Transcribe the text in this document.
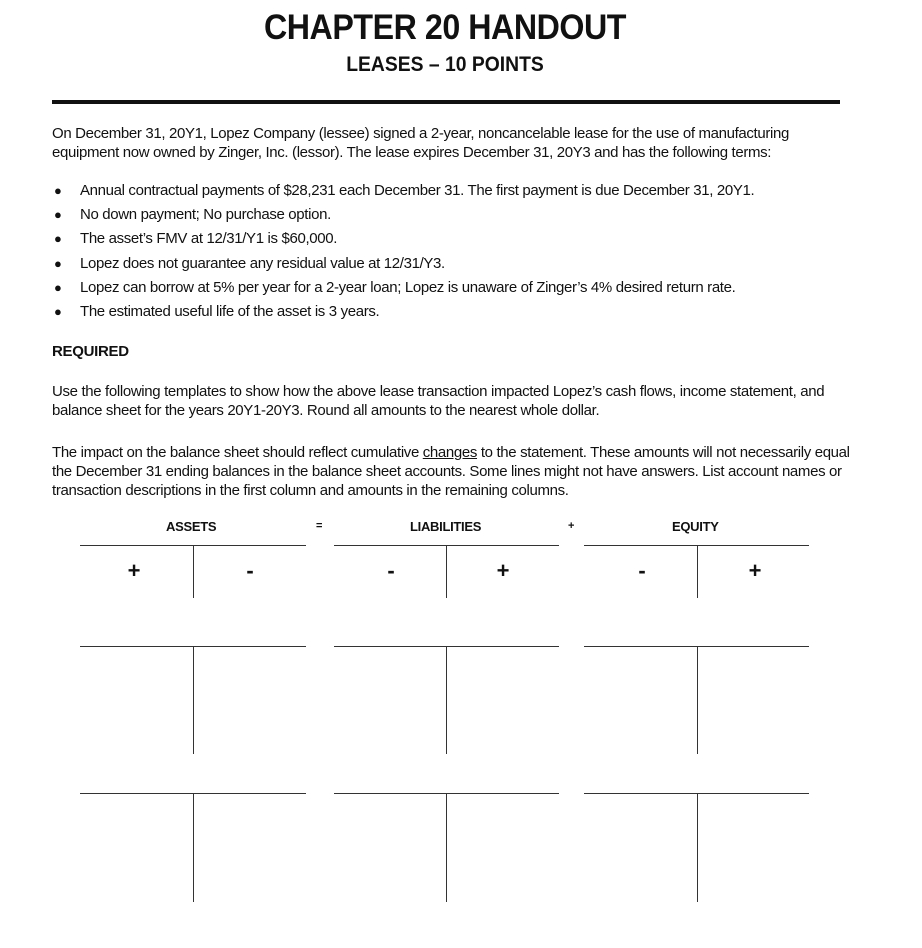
CHAPTER 20 HANDOUT
LEASES – 10 POINTS
On December 31, 20Y1, Lopez Company (lessee) signed a 2-year, noncancelable lease for the use of manufacturing equipment now owned by Zinger, Inc. (lessor). The lease expires December 31, 20Y3 and has the following terms:
● Annual contractual payments of $28,231 each December 31. The first payment is due December 31, 20Y1.
● No down payment; No purchase option.
● The asset’s FMV at 12/31/Y1 is $60,000.
● Lopez does not guarantee any residual value at 12/31/Y3.
● Lopez can borrow at 5% per year for a 2-year loan; Lopez is unaware of Zinger’s 4% desired return rate.
● The estimated useful life of the asset is 3 years.
REQUIRED
Use the following templates to show how the above lease transaction impacted Lopez’s cash flows, income statement, and balance sheet for the years 20Y1-20Y3. Round all amounts to the nearest whole dollar.
The impact on the balance sheet should reflect cumulative changes to the statement. These amounts will not necessarily equal the December 31 ending balances in the balance sheet accounts. Some lines might not have answers. List account names or transaction descriptions in the first column and amounts in the remaining columns.
ASSETS	=	LIABILITIES	+	EQUITY
+	-	-	+	-	+
